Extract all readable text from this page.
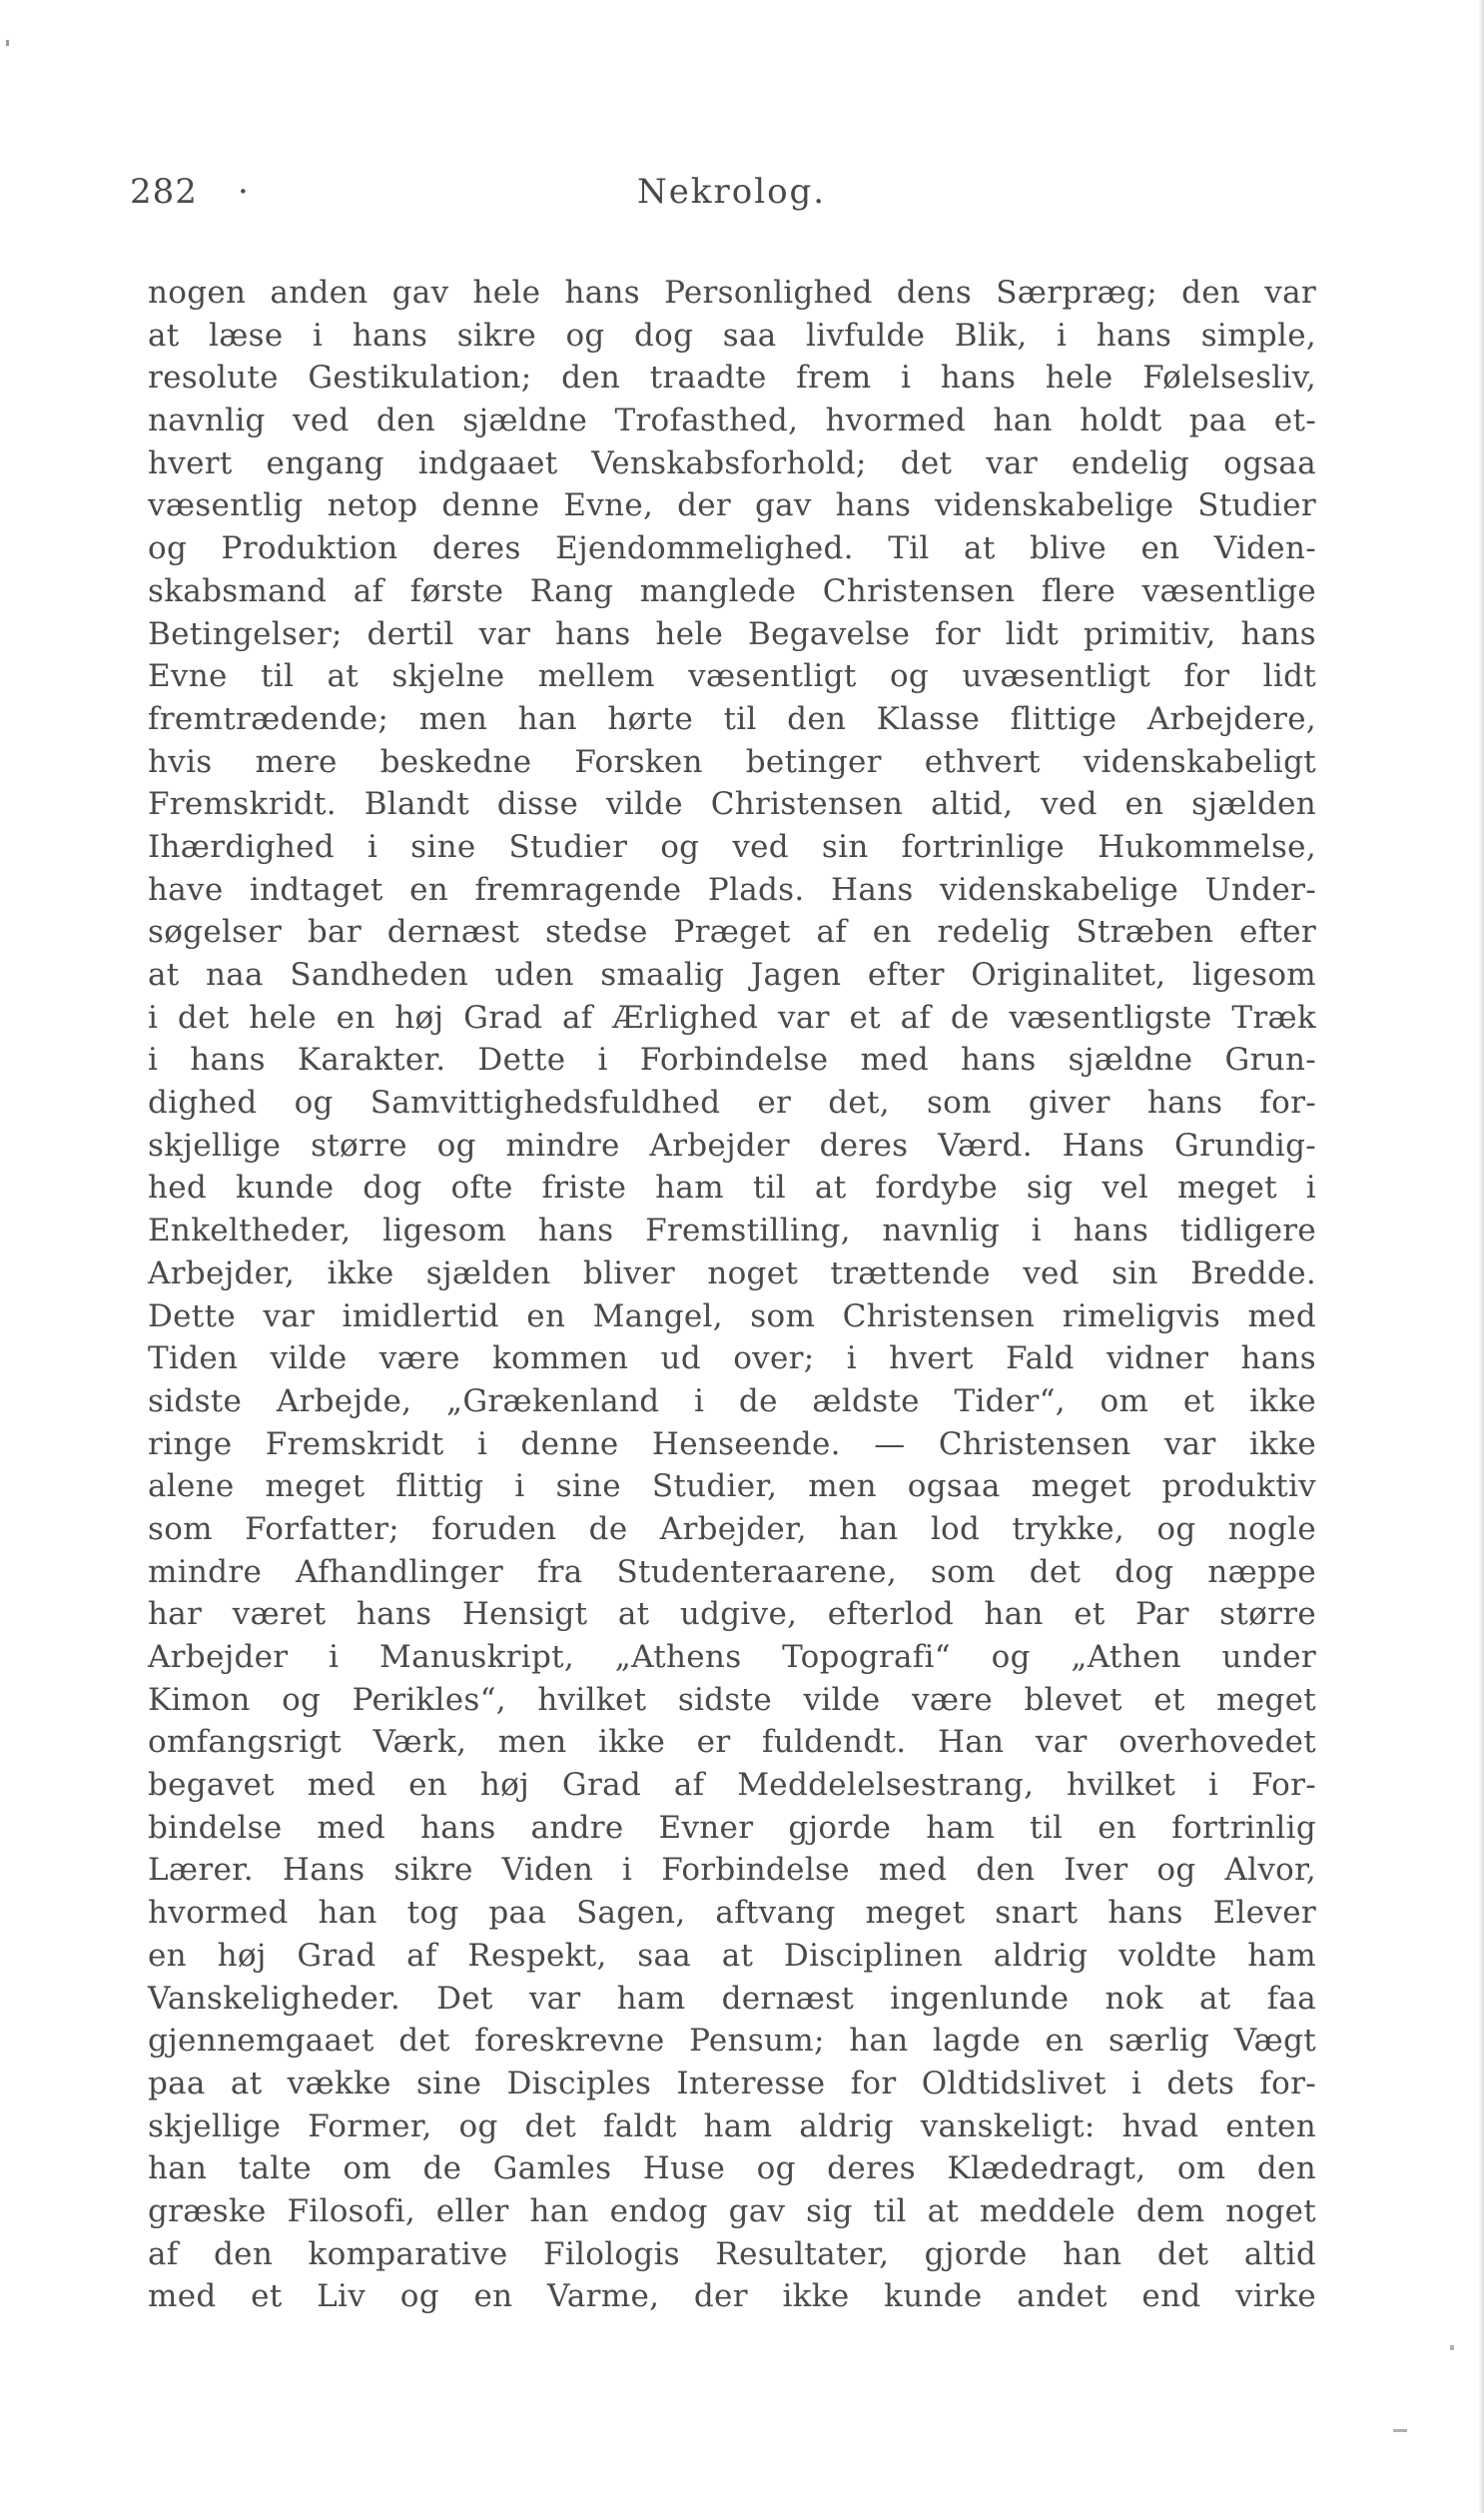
282 ·	Nekrolog.
nogen anden gav hele hans Personlighed dens Særpræg; den var
at læse i hans sikre og dog saa livfulde Blik, i hans simple,
resolute Gestikulation; den traadte frem i hans hele Følelsesliv,
navnlig ved den sjældne Trofasthed, hvormed han holdt paa et-
hvert engang indgaaet Venskabsforhold; det var endelig ogsaa
væsentlig netop denne Evne, der gav hans videnskabelige Studier
og Produktion deres Ejendommelighed. Til at blive en Viden-
skabsmand af første Rang manglede Christensen flere væsentlige
Betingelser; dertil var hans hele Begavelse for lidt primitiv, hans
Evne til at skjelne mellem væsentligt og uvæsentligt for lidt
fremtrædende; men han hørte til den Klasse flittige Arbejdere,
hvis mere beskedne Forsken betinger ethvert videnskabeligt
Fremskridt. Blandt disse vilde Christensen altid, ved en sjælden
Ihærdighed i sine Studier og ved sin fortrinlige Hukommelse,
have indtaget en fremragende Plads. Hans videnskabelige Under-
søgelser bar dernæst stedse Præget af en redelig Stræben efter
at naa Sandheden uden smaalig Jagen efter Originalitet, ligesom
i det hele en høj Grad af Ærlighed var et af de væsentligste Træk
i hans Karakter. Dette i Forbindelse med hans sjældne Grun-
dighed og Samvittighedsfuldhed er det, som giver hans for-
skjellige større og mindre Arbejder deres Værd. Hans Grundig-
hed kunde dog ofte friste ham til at fordybe sig vel meget i
Enkeltheder, ligesom hans Fremstilling, navnlig i hans tidligere
Arbejder, ikke sjælden bliver noget trættende ved sin Bredde.
Dette var imidlertid en Mangel, som Christensen rimeligvis med
Tiden vilde være kommen ud over; i hvert Fald vidner hans
sidste Arbejde, „Grækenland i de ældste Tider“, om et ikke
ringe Fremskridt i denne Henseende. — Christensen var ikke
alene meget flittig i sine Studier, men ogsaa meget produktiv
som Forfatter; foruden de Arbejder, han lod trykke, og nogle
mindre Afhandlinger fra Studenteraarene, som det dog næppe
har været hans Hensigt at udgive, efterlod han et Par større
Arbejder i Manuskript, „Athens Topografi“ og „Athen under
Kimon og Perikles“, hvilket sidste vilde være blevet et meget
omfangsrigt Værk, men ikke er fuldendt. Han var overhovedet
begavet med en høj Grad af Meddelelsestrang, hvilket i For-
bindelse med hans andre Evner gjorde ham til en fortrinlig
Lærer. Hans sikre Viden i Forbindelse med den Iver og Alvor,
hvormed han tog paa Sagen, aftvang meget snart hans Elever
en høj Grad af Respekt, saa at Disciplinen aldrig voldte ham
Vanskeligheder. Det var ham dernæst ingenlunde nok at faa
gjennemgaaet det foreskrevne Pensum; han lagde en særlig Vægt
paa at vække sine Disciples Interesse for Oldtidslivet i dets for-
skjellige Former, og det faldt ham aldrig vanskeligt: hvad enten
han talte om de Gamles Huse og deres Klædedragt, om den
græske Filosofi, eller han endog gav sig til at meddele dem noget
af den komparative Filologis Resultater, gjorde han det altid
med et Liv og en Varme, der ikke kunde andet end virke
